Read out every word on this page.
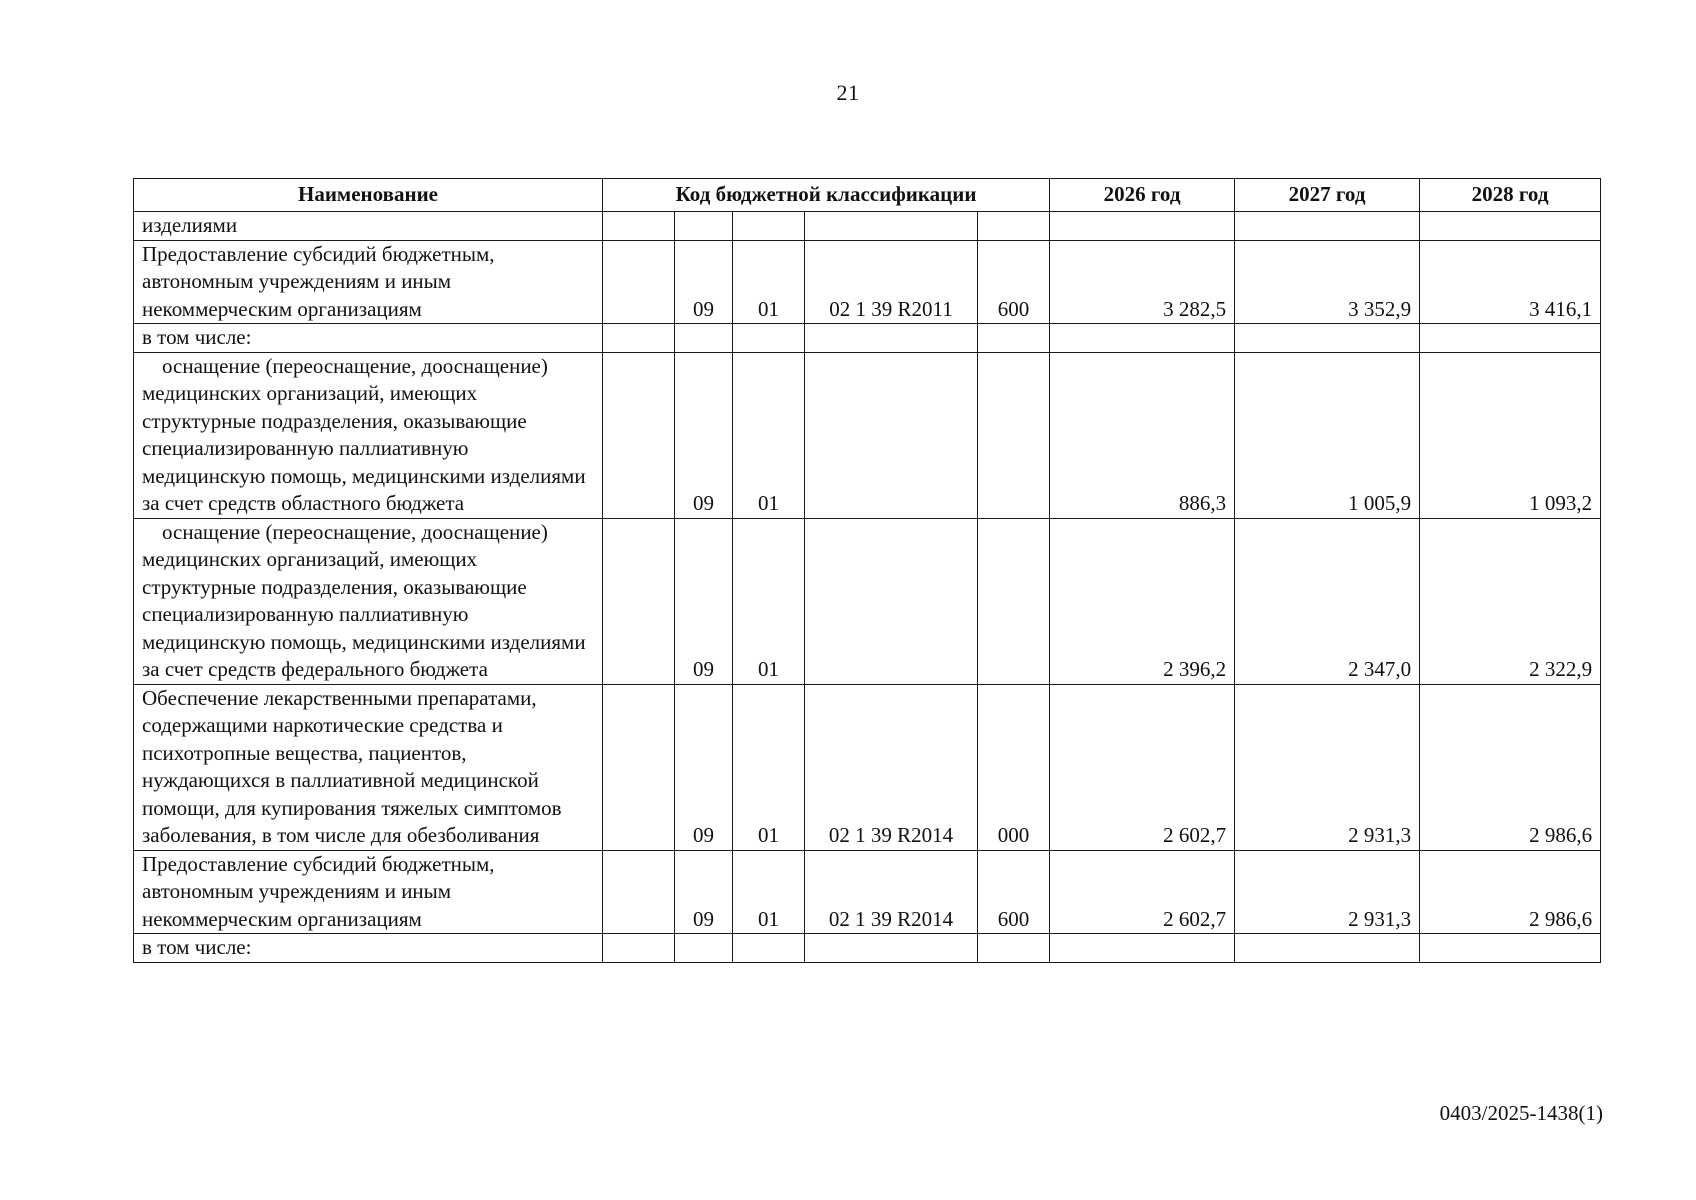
21
Наименование	Код бюджетной классификации					2026 год	2027 год	2028 год
изделиями								
Предоставление субсидий бюджетным, автономным учреждениям и иным некоммерческим организациям		09	01	02 1 39 R2011	600	3 282,5	3 352,9	3 416,1
в том числе:								

оснащение (переоснащение, дооснащение) медицинских организаций, имеющих структурные подразделения, оказывающие специализированную паллиативную медицинскую помощь, медицинскими изделиями за счет средств областного бюджета		09	01			886,3	1 005,9	1 093,2

оснащение (переоснащение, дооснащение) медицинских организаций, имеющих структурные подразделения, оказывающие специализированную паллиативную медицинскую помощь, медицинскими изделиями за счет средств федерального бюджета		09	01			2 396,2	2 347,0	2 322,9
Обеспечение лекарственными препаратами, содержащими наркотические средства и психотропные вещества, пациентов, нуждающихся в паллиативной медицинской помощи, для купирования тяжелых симптомов заболевания, в том числе для обезболивания		09	01	02 1 39 R2014	000	2 602,7	2 931,3	2 986,6
Предоставление субсидий бюджетным, автономным учреждениям и иным некоммерческим организациям		09	01	02 1 39 R2014	600	2 602,7	2 931,3	2 986,6
в том числе:								
0403/2025-1438(1)
